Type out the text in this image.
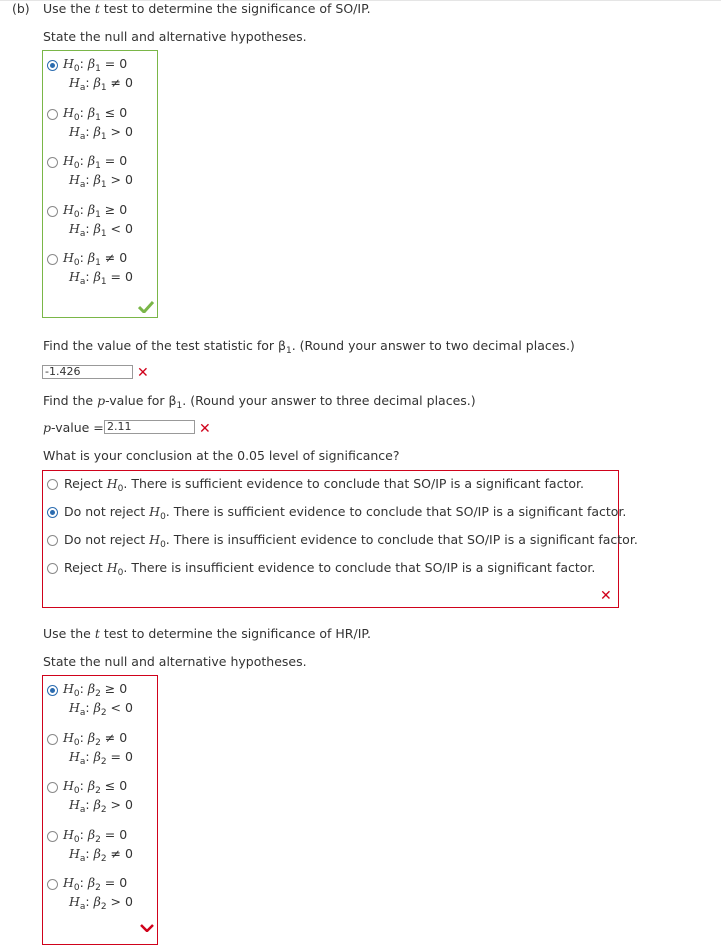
(b) Use the t test to determine the significance of SO/IP.
State the null and alternative hypotheses.
$H_0$: $\beta_1 = 0$
$H_a$: $\beta_1 \ne 0$
$H_0$: $\beta_1 \le 0$
$H_a$: $\beta_1 > 0$
$H_0$: $\beta_1 = 0$
$H_a$: $\beta_1 > 0$
$H_0$: $\beta_1 \ge 0$
$H_a$: $\beta_1 < 0$
$H_0$: $\beta_1 \ne 0$
$H_a$: $\beta_1 = 0$
Find the value of the test statistic for $\beta_1$. (Round your answer to two decimal places.)
-1.426	✕
Find the p-value for $\beta_1$. (Round your answer to three decimal places.)
p-value = 2.11	✕
What is your conclusion at the 0.05 level of significance?
Reject $H_0$. There is sufficient evidence to conclude that SO/IP is a significant factor.
Do not reject $H_0$. There is sufficient evidence to conclude that SO/IP is a significant factor.
Do not reject $H_0$. There is insufficient evidence to conclude that SO/IP is a significant factor.
Reject $H_0$. There is insufficient evidence to conclude that SO/IP is a significant factor.
✕
Use the t test to determine the significance of HR/IP.
State the null and alternative hypotheses.
$H_0$: $\beta_2 \ge 0$
$H_a$: $\beta_2 < 0$
$H_0$: $\beta_2 \ne 0$
$H_a$: $\beta_2 = 0$
$H_0$: $\beta_2 \le 0$
$H_a$: $\beta_2 > 0$
$H_0$: $\beta_2 = 0$
$H_a$: $\beta_2 \ne 0$
$H_0$: $\beta_2 = 0$
$H_a$: $\beta_2 > 0$
